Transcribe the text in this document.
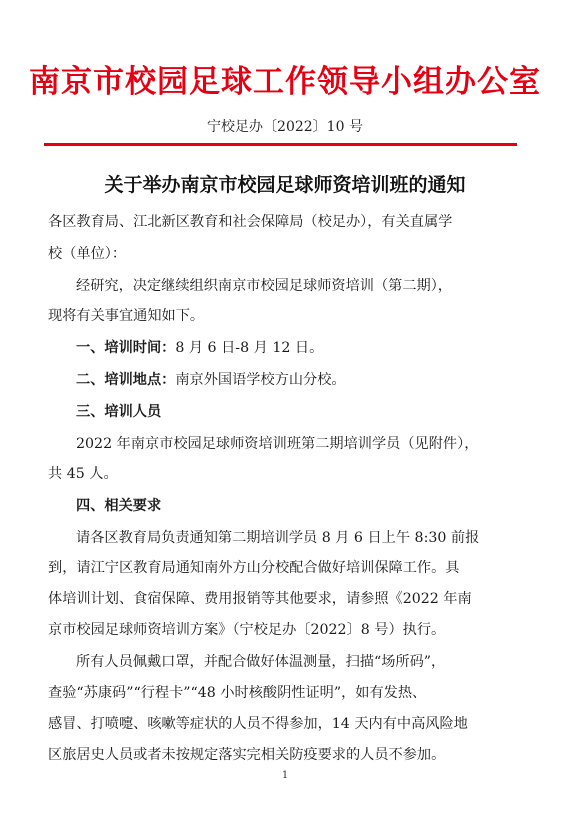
南京市校园足球工作领导小组办公室
宁校足办〔2022〕10 号
关于举办南京市校园足球师资培训班的通知
各区教育局、江北新区教育和社会保障局（校足办），有关直属学
校（单位）：
经研究，决定继续组织南京市校园足球师资培训（第二期），
现将有关事宜通知如下。
一、培训时间：8 月 6 日-8 月 12 日。
二、培训地点：南京外国语学校方山分校。
三、培训人员
2022 年南京市校园足球师资培训班第二期培训学员（见附件），
共 45 人。
四、相关要求
请各区教育局负责通知第二期培训学员 8 月 6 日上午 8:30 前报
到，请江宁区教育局通知南外方山分校配合做好培训保障工作。具
体培训计划、食宿保障、费用报销等其他要求，请参照《2022 年南
京市校园足球师资培训方案》（宁校足办〔2022〕8 号）执行。
所有人员佩戴口罩，并配合做好体温测量，扫描“场所码”，
查验“苏康码”“行程卡”“48 小时核酸阴性证明”，如有发热、
感冒、打喷嚏、咳嗽等症状的人员不得参加，14 天内有中高风险地
区旅居史人员或者未按规定落实完相关防疫要求的人员不参加。
1
